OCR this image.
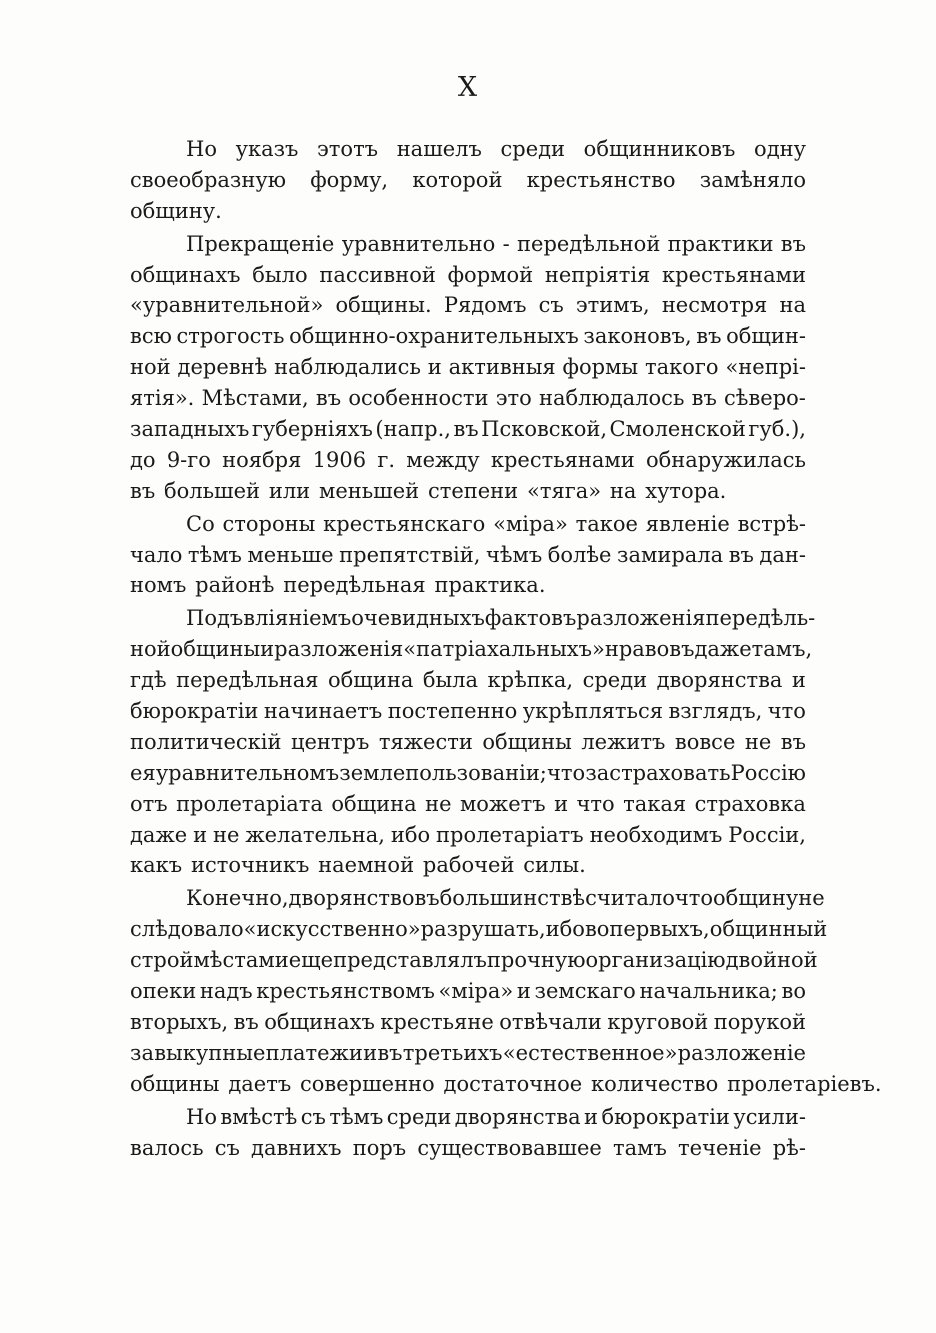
X
Но указъ этотъ нашелъ среди общинниковъ одну
своеобразную форму, которой крестьянство замѣняло
общину.
Прекращеніе уравнительно - передѣльной практики въ
общинахъ было пассивной формой непріятія крестьянами
«уравнительной» общины. Рядомъ съ этимъ, несмотря на
всю строгость общинно-охранительныхъ законовъ, въ общин-
ной деревнѣ наблюдались и активныя формы такого «непрі-
ятія». Мѣстами, въ особенности это наблюдалось въ сѣверо-
западныхъ губерніяхъ (напр., въ Псковской, Смоленской губ.),
до 9-го ноября 1906 г. между крестьянами обнаружилась
въ большей или меньшей степени «тяга» на хутора.
Со стороны крестьянскаго «міра» такое явленіе встрѣ-
чало тѣмъ меньше препятствій, чѣмъ болѣе замирала въ дан-
номъ районѣ передѣльная практика.
Подъ вліяніемъ очевидныхъ фактовъ разложенія передѣль-
ной общины и разложенія «патріахальныхъ» нравовъ даже тамъ,
гдѣ передѣльная община была крѣпка, среди дворянства и
бюрократіи начинаетъ постепенно укрѣпляться взглядъ, что
политическій центръ тяжести общины лежитъ вовсе не въ
ея уравнительномъ землепользованіи; что застраховать Россію
отъ пролетаріата община не можетъ и что такая страховка
даже и не желательна, ибо пролетаріатъ необходимъ Россіи,
какъ источникъ наемной рабочей силы.
Конечно, дворянство въ большинствѣ считало что общину не
слѣдовало «искусственно» разрушать, ибо во первыхъ, общинный
строй мѣстами еще представлялъ прочную организацію двойной
опеки надъ крестьянствомъ «міра» и земскаго начальника; во
вторыхъ, въ общинахъ крестьяне отвѣчали круговой порукой
за выкупные платежи и въ третьихъ «естественное» разложеніе
общины даетъ совершенно достаточное количество пролетаріевъ.
Но вмѣстѣ съ тѣмъ среди дворянства и бюрократіи усили-
валось съ давнихъ поръ существовавшее тамъ теченіе рѣ-
